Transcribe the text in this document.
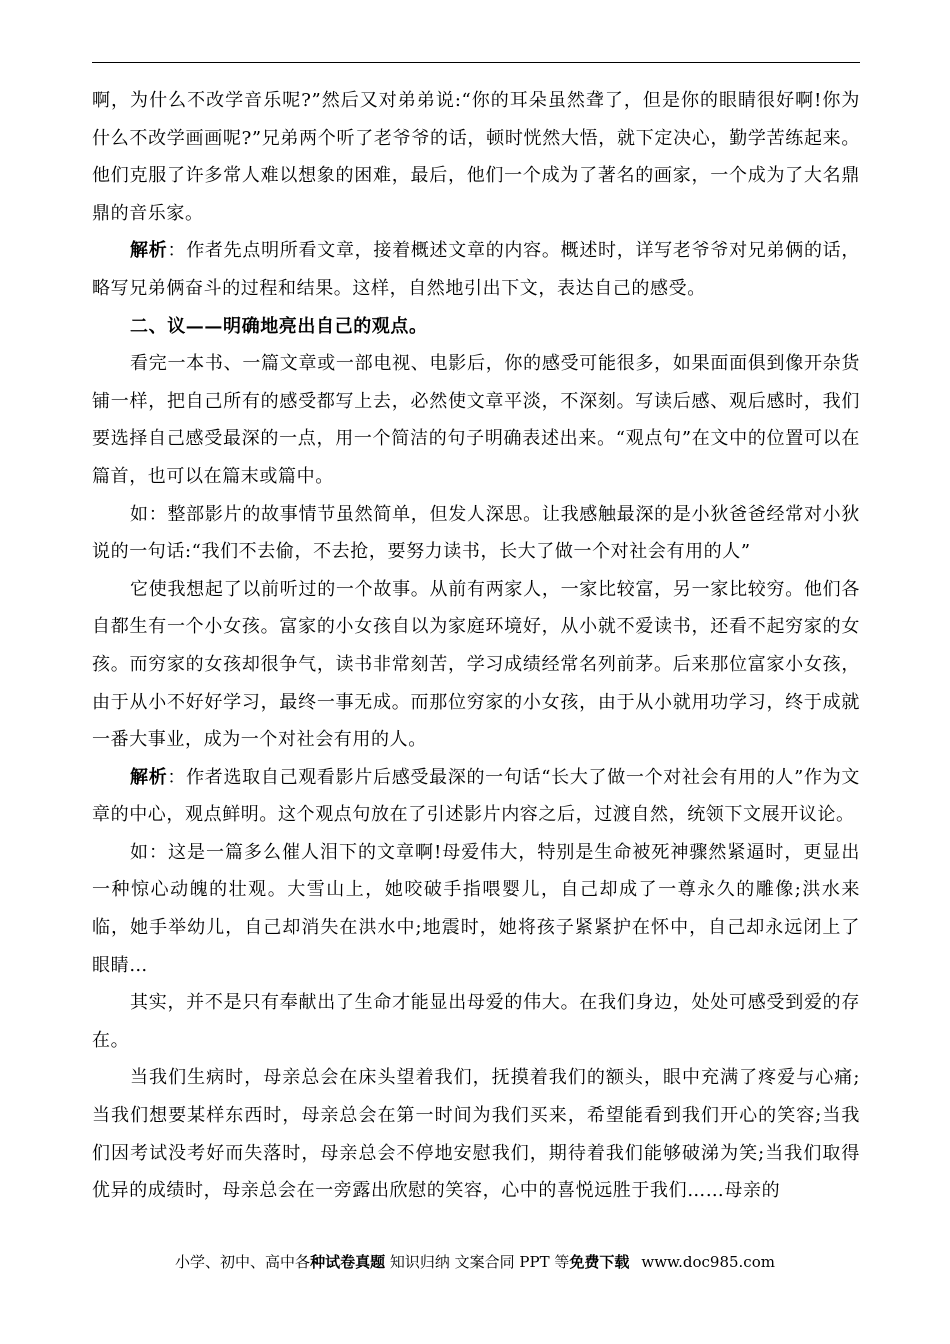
啊，为什么不改学音乐呢?”然后又对弟弟说:“你的耳朵虽然聋了，但是你的眼睛很好啊!你为什么不改学画画呢?”兄弟两个听了老爷爷的话，顿时恍然大悟，就下定决心，勤学苦练起来。他们克服了许多常人难以想象的困难，最后，他们一个成为了著名的画家，一个成为了大名鼎鼎的音乐家。

解析：作者先点明所看文章，接着概述文章的内容。概述时，详写老爷爷对兄弟俩的话，略写兄弟俩奋斗的过程和结果。这样，自然地引出下文，表达自己的感受。

二、议——明确地亮出自己的观点。

看完一本书、一篇文章或一部电视、电影后，你的感受可能很多，如果面面俱到像开杂货铺一样，把自己所有的感受都写上去，必然使文章平淡，不深刻。写读后感、观后感时，我们要选择自己感受最深的一点，用一个简洁的句子明确表述出来。“观点句”在文中的位置可以在篇首，也可以在篇末或篇中。

如：整部影片的故事情节虽然简单，但发人深思。让我感触最深的是小狄爸爸经常对小狄说的一句话:“我们不去偷，不去抢，要努力读书，长大了做一个对社会有用的人”

它使我想起了以前听过的一个故事。从前有两家人，一家比较富，另一家比较穷。他们各自都生有一个小女孩。富家的小女孩自以为家庭环境好，从小就不爱读书，还看不起穷家的女孩。而穷家的女孩却很争气，读书非常刻苦，学习成绩经常名列前茅。后来那位富家小女孩，由于从小不好好学习，最终一事无成。而那位穷家的小女孩，由于从小就用功学习，终于成就一番大事业，成为一个对社会有用的人。

解析：作者选取自己观看影片后感受最深的一句话“长大了做一个对社会有用的人”作为文章的中心，观点鲜明。这个观点句放在了引述影片内容之后，过渡自然，统领下文展开议论。

如：这是一篇多么催人泪下的文章啊!母爱伟大，特别是生命被死神骤然紧逼时，更显出一种惊心动魄的壮观。大雪山上，她咬破手指喂婴儿，自己却成了一尊永久的雕像;洪水来临，她手举幼儿，自己却消失在洪水中;地震时，她将孩子紧紧护在怀中，自己却永远闭上了眼睛…

其实，并不是只有奉献出了生命才能显出母爱的伟大。在我们身边，处处可感受到爱的存在。

当我们生病时，母亲总会在床头望着我们，抚摸着我们的额头，眼中充满了疼爱与心痛;当我们想要某样东西时，母亲总会在第一时间为我们买来，希望能看到我们开心的笑容;当我们因考试没考好而失落时，母亲总会不停地安慰我们，期待着我们能够破涕为笑;当我们取得优异的成绩时，母亲总会在一旁露出欣慰的笑容，心中的喜悦远胜于我们……母亲的

小学、初中、高中各种试卷真题 知识归纳 文案合同 PPT 等免费下载 www.doc985.com
